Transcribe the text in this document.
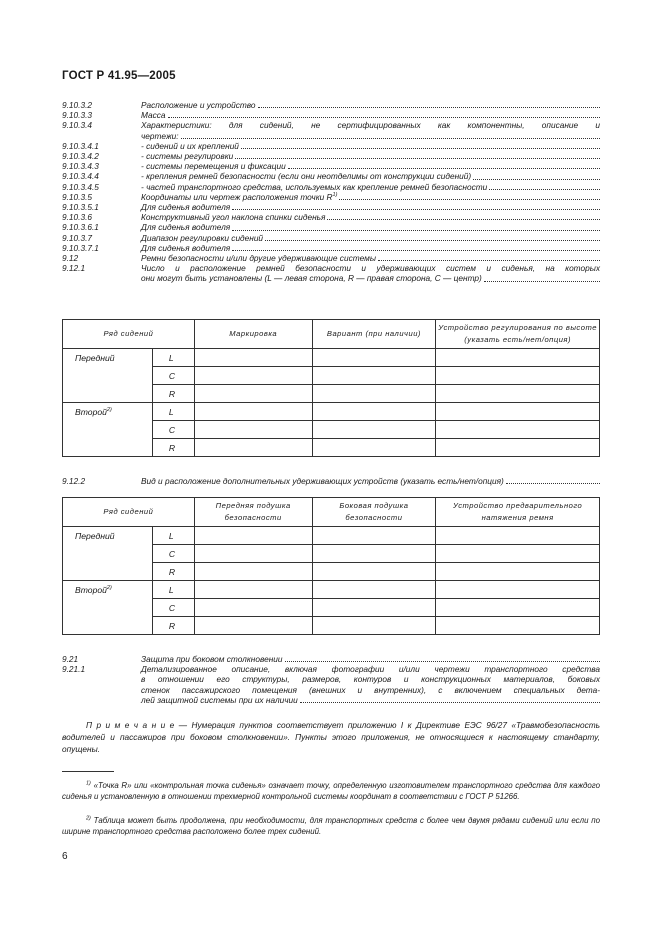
ГОСТ Р 41.95—2005
9.10.3.2	Расположение и устройство
9.10.3.3	Масса
9.10.3.4	Характеристики: для сидений, не сертифицированных как компонентны, описание и
чертежи:
9.10.3.4.1	- сидений и их креплений
9.10.3.4.2	- системы регулировки
9.10.3.4.3	- системы перемещения и фиксации
9.10.3.4.4	- крепления ремней безопасности (если они неотделимы от конструкции сидений)
9.10.3.4.5	- частей транспортного средства, используемых как крепление ремней безопасности
9.10.3.5	Координаты или чертеж расположения точки $R^{1)}$
9.10.3.5.1	Для сиденья водителя
9.10.3.6	Конструктивный угол наклона спинки сиденья
9.10.3.6.1	Для сиденья водителя
9.10.3.7	Диапазон регулировки сидений
9.10.3.7.1	Для сиденья водителя
9.12	Ремни безопасности и/или другие удерживающие системы
9.12.1	Число и расположение ремней безопасности и удерживающих систем и сиденья, на которых
они могут быть установлены (L — левая сторона, R — правая сторона, C — центр)
Ряд сидений		Маркировка	Вариант (при наличии)	Устройство регулирования по высоте (указать есть/нет/опция)
Передний	L			
	C			
	R			
Второй$^{2)}$	L			
	C			
	R			
9.12.2	Вид и расположение дополнительных удерживающих устройств (указать есть/нет/опция)
Ряд сидений		Передняя подушка безопасности	Боковая подушка безопасности	Устройство предварительного натяжения ремня
Передний	L			
	C			
	R			
Второй$^{2)}$	L			
	C			
	R			
9.21	Защита при боковом столкновении
9.21.1	Детализированное описание, включая фотографии и/или чертежи транспортного средства
в отношении его структуры, размеров, контуров и конструкционных материалов, боковых
стенок пассажирского помещения (внешних и внутренних), с включением специальных дета-
лей защитной системы при их наличии
П р и м е ч а н и е — Нумерация пунктов соответствует приложению I к Директиве ЕЭС 96/27 «Травмобезопасность водителей и пассажиров при боковом столкновении». Пункты этого приложения, не относящиеся к настоящему стандарту, опущены.
$^{1)}$ «Точка R» или «контрольная точка сиденья» означает точку, определенную изготовителем транспортного средства для каждого сиденья и установленную в отношении трехмерной контрольной системы координат в соответствии с ГОСТ Р 51266.
$^{2)}$ Таблица может быть продолжена, при необходимости, для транспортных средств с более чем двумя рядами сидений или если по ширине транспортного средства расположено более трех сидений.
6
